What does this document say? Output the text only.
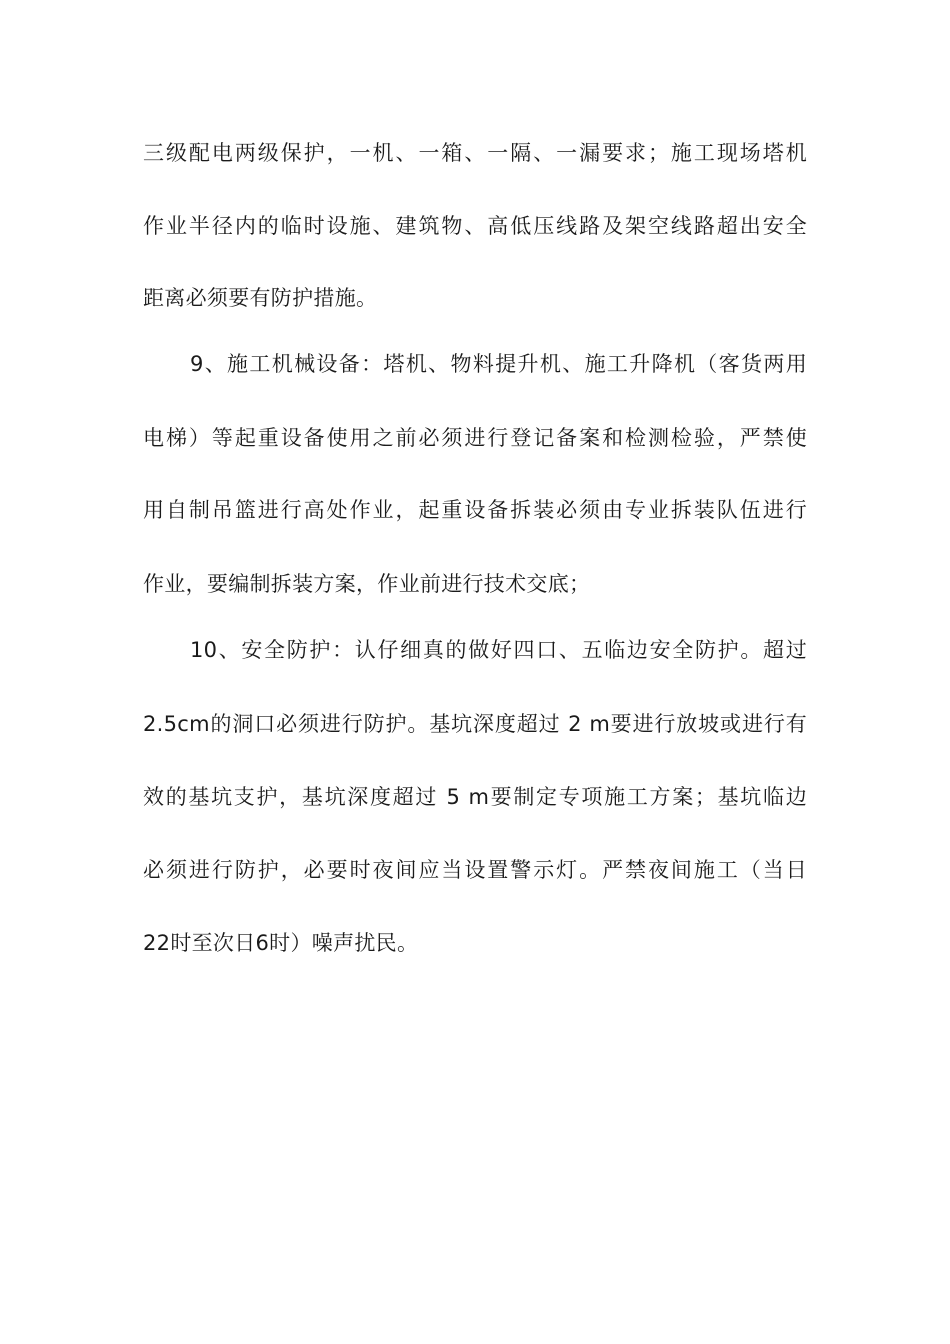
三级配电两级保护，一机、一箱、一隔、一漏要求；施工现场塔机
作业半径内的临时设施、建筑物、高低压线路及架空线路超出安全
距离必须要有防护措施。
9、施工机械设备：塔机、物料提升机、施工升降机（客货两用
电梯）等起重设备使用之前必须进行登记备案和检测检验，严禁使
用自制吊篮进行高处作业，起重设备拆装必须由专业拆装队伍进行
作业，要编制拆装方案，作业前进行技术交底；
10、安全防护：认仔细真的做好四口、五临边安全防护。超过
2.5cm的洞口必须进行防护。基坑深度超过 2 m要进行放坡或进行有
效的基坑支护，基坑深度超过 5 m要制定专项施工方案；基坑临边
必须进行防护，必要时夜间应当设置警示灯。严禁夜间施工（当日
22时至次日6时）噪声扰民。
